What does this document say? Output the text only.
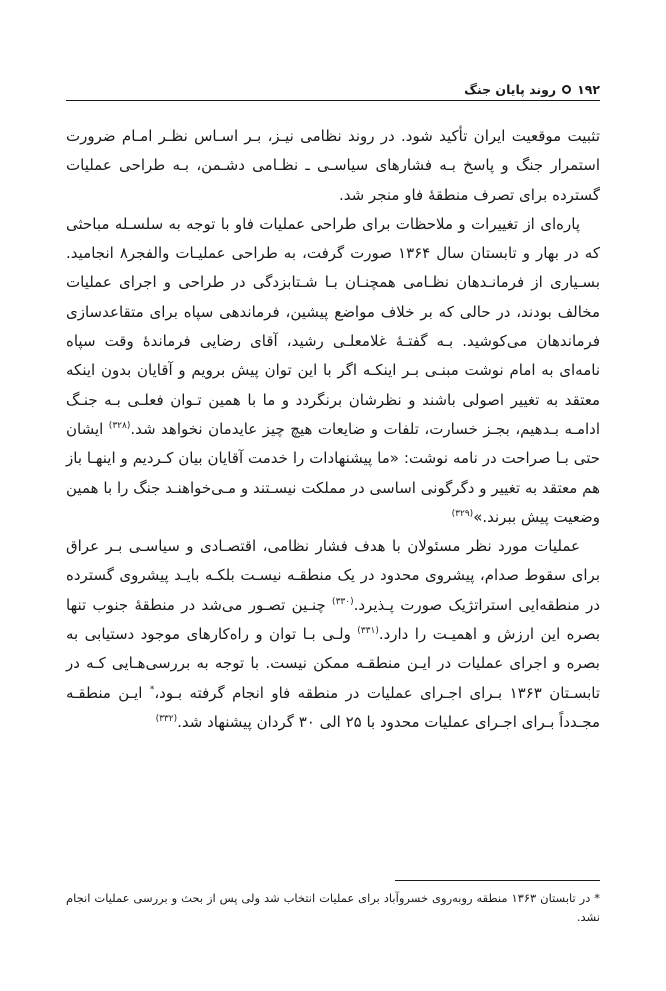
۱۹۲
روند پایان جنگ

تثبیت موقعیت ایران تأکید شود. در روند نظامی نیـز، بـر اسـاس نظـر امـام ضرورت استمرار جنگ و پاسخ بـه فشارهای سیاسـی ـ نظـامی دشـمن، بـه طراحی عملیات گسترده برای تصرف منطقهٔ فاو منجر شد.

پاره‌ای از تغییرات و ملاحظات برای طراحی عملیات فاو با توجه به سلسـله مباحثی که در بهار و تابستان سال ۱۳۶۴ صورت گرفت، به طراحی عملیـات والفجر۸ انجامید. بسـیاری از فرمانـدهان نظـامی همچنـان بـا شـتابزدگی در طراحی و اجرای عملیات مخالف بودند، در حالی که بر خلاف مواضع پیشین، فرماندهی سپاه برای متقاعدسازی فرماندهان می‌کوشید. بـه گفتـهٔ غلامعلـی رشید، آقای رضایی فرماندهٔ وقت سپاه نامه‌ای به امام نوشت مبنـی بـر اینکـه اگر با این توان پیش برویم و آقایان بدون اینکه معتقد به تغییر اصولی باشند و نظرشان برنگردد و ما با همین تـوان فعلـی بـه جنـگ ادامـه بـدهیم، بجـز خسارت، تلفات و ضایعات هیچ چیز عایدمان نخواهد شد.$^{(۳۲۸)}$ ایشان حتی بـا صراحت در نامه نوشت: «ما پیشنهادات را خدمت آقایان بیان کـردیم و اینهـا باز هم معتقد به تغییر و دگرگونی اساسی در مملکت نیسـتند و مـی‌خواهنـد جنگ را با همین وضعیت پیش ببرند.»$^{(۳۲۹)}$

عملیات مورد نظر مسئولان با هدف فشار نظامی، اقتصـادی و سیاسـی بـر عراق برای سقوط صدام، پیشروی محدود در یک منطقـه نیسـت بلکـه بایـد پیشروی گسترده در منطقه‌ایی استراتژیک صورت پـذیرد.$^{(۳۳۰)}$ چنـین تصـور می‌شد در منطقهٔ جنوب تنها بصره این ارزش و اهمیـت را دارد.$^{(۳۳۱)}$ ولـی بـا توان و راه‌کارهای موجود دستیابی به بصره و اجرای عملیات در ایـن منطقـه ممکن نیست. با توجه به بررسی‌هـایی کـه در تابسـتان ۱۳۶۳ بـرای اجـرای عملیات در منطقه فاو انجام گرفته بـود،* ایـن منطقـه مجـدداً بـرای اجـرای عملیات محدود با ۲۵ الی ۳۰ گردان پیشنهاد شد.$^{(۳۳۲)}$

* در تابستان ۱۳۶۳ منطقه روبه‌روی خسروآباد برای عملیات انتخاب شد ولی پس از بحث و بررسی عملیات انجام نشد.
